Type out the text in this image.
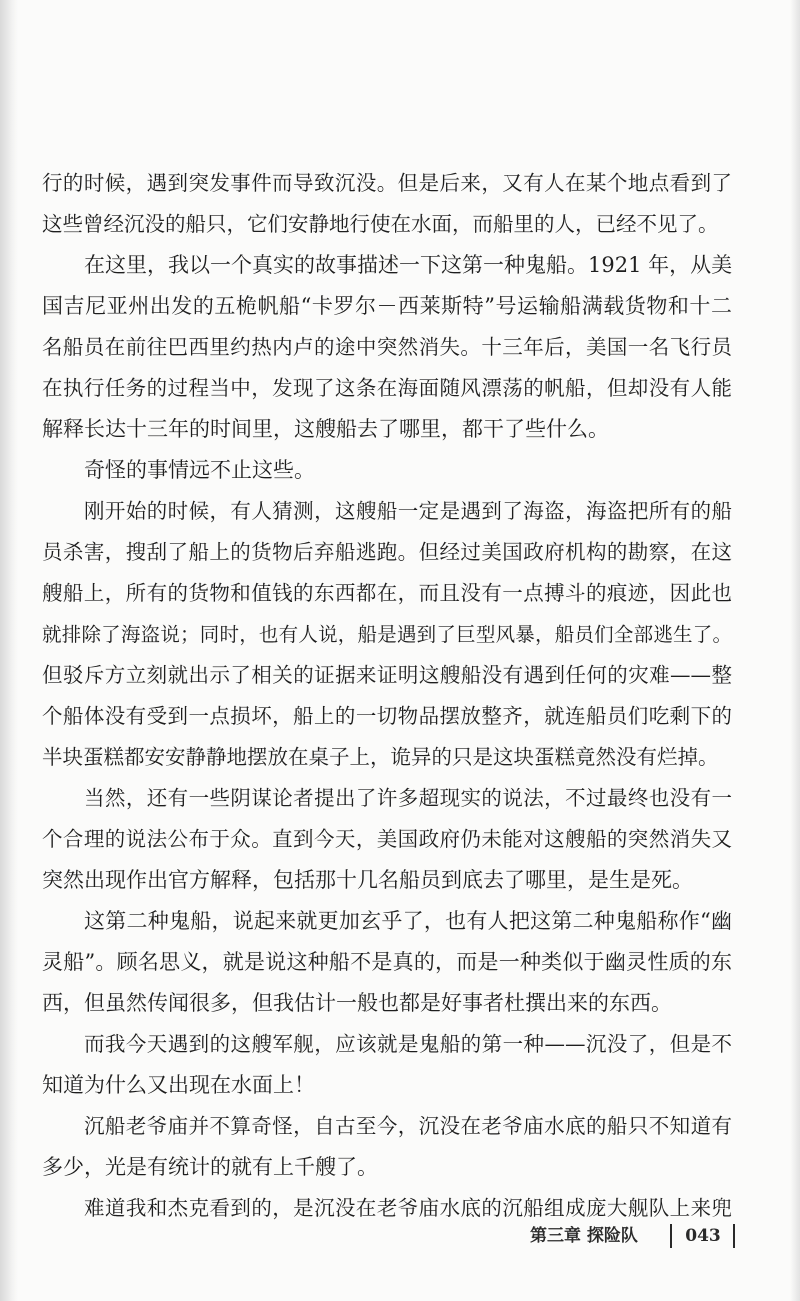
行的时候，遇到突发事件而导致沉没。但是后来，又有人在某个地点看到了
这些曾经沉没的船只，它们安静地行使在水面，而船里的人，已经不见了。
在这里，我以一个真实的故事描述一下这第一种鬼船。1921 年，从美
国吉尼亚州出发的五桅帆船“卡罗尔－西莱斯特”号运输船满载货物和十二
名船员在前往巴西里约热内卢的途中突然消失。十三年后，美国一名飞行员
在执行任务的过程当中，发现了这条在海面随风漂荡的帆船，但却没有人能
解释长达十三年的时间里，这艘船去了哪里，都干了些什么。
奇怪的事情远不止这些。
刚开始的时候，有人猜测，这艘船一定是遇到了海盗，海盗把所有的船
员杀害，搜刮了船上的货物后弃船逃跑。但经过美国政府机构的勘察，在这
艘船上，所有的货物和值钱的东西都在，而且没有一点搏斗的痕迹，因此也
就排除了海盗说；同时，也有人说，船是遇到了巨型风暴，船员们全部逃生了。
但驳斥方立刻就出示了相关的证据来证明这艘船没有遇到任何的灾难——整
个船体没有受到一点损坏，船上的一切物品摆放整齐，就连船员们吃剩下的
半块蛋糕都安安静静地摆放在桌子上，诡异的只是这块蛋糕竟然没有烂掉。
当然，还有一些阴谋论者提出了许多超现实的说法，不过最终也没有一
个合理的说法公布于众。直到今天，美国政府仍未能对这艘船的突然消失又
突然出现作出官方解释，包括那十几名船员到底去了哪里，是生是死。
这第二种鬼船，说起来就更加玄乎了，也有人把这第二种鬼船称作“幽
灵船”。顾名思义，就是说这种船不是真的，而是一种类似于幽灵性质的东
西，但虽然传闻很多，但我估计一般也都是好事者杜撰出来的东西。
而我今天遇到的这艘军舰，应该就是鬼船的第一种——沉没了，但是不
知道为什么又出现在水面上！
沉船老爷庙并不算奇怪，自古至今，沉没在老爷庙水底的船只不知道有
多少，光是有统计的就有上千艘了。
难道我和杰克看到的，是沉没在老爷庙水底的沉船组成庞大舰队上来兜
第三章 探险队	043
